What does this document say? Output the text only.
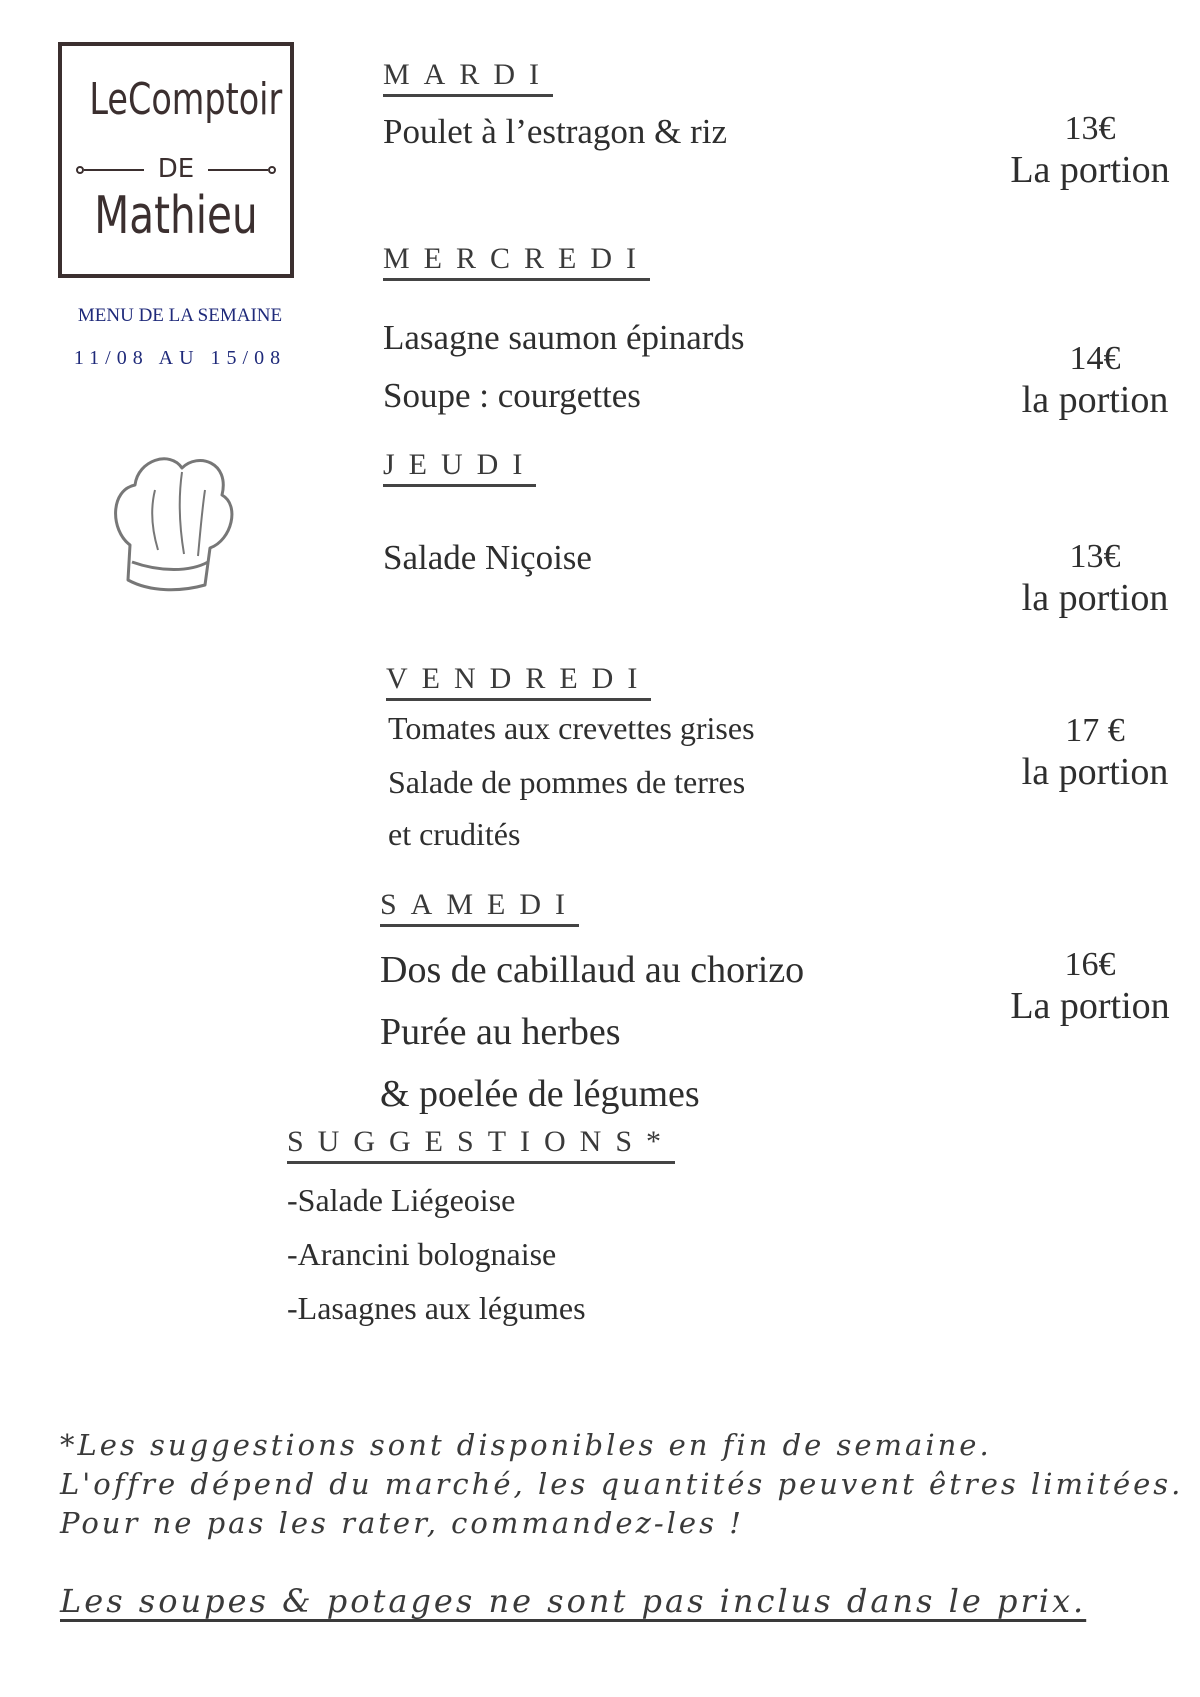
LeComptoir
DE
Mathieu
MENU DE LA SEMAINE
11/08 AU 15/08
MARDI
Poulet à l’estragon & riz	13€
La portion
MERCREDI
Lasagne saumon épinards
Soupe : courgettes
14€
la portion
JEUDI
Salade Niçoise	13€
la portion
VENDREDI
Tomates aux crevettes grises
Salade de pommes de terres
et crudités
17 €
la portion
SAMEDI
Dos de cabillaud au chorizo
Purée au herbes
& poelée de légumes
16€
La portion
SUGGESTIONS*
-Salade Liégeoise
-Arancini bolognaise
-Lasagnes aux légumes
*Les suggestions sont disponibles en fin de semaine.
L'offre dépend du marché, les quantités peuvent êtres limitées.
Pour ne pas les rater, commandez-les !
Les soupes & potages ne sont pas inclus dans le prix.
